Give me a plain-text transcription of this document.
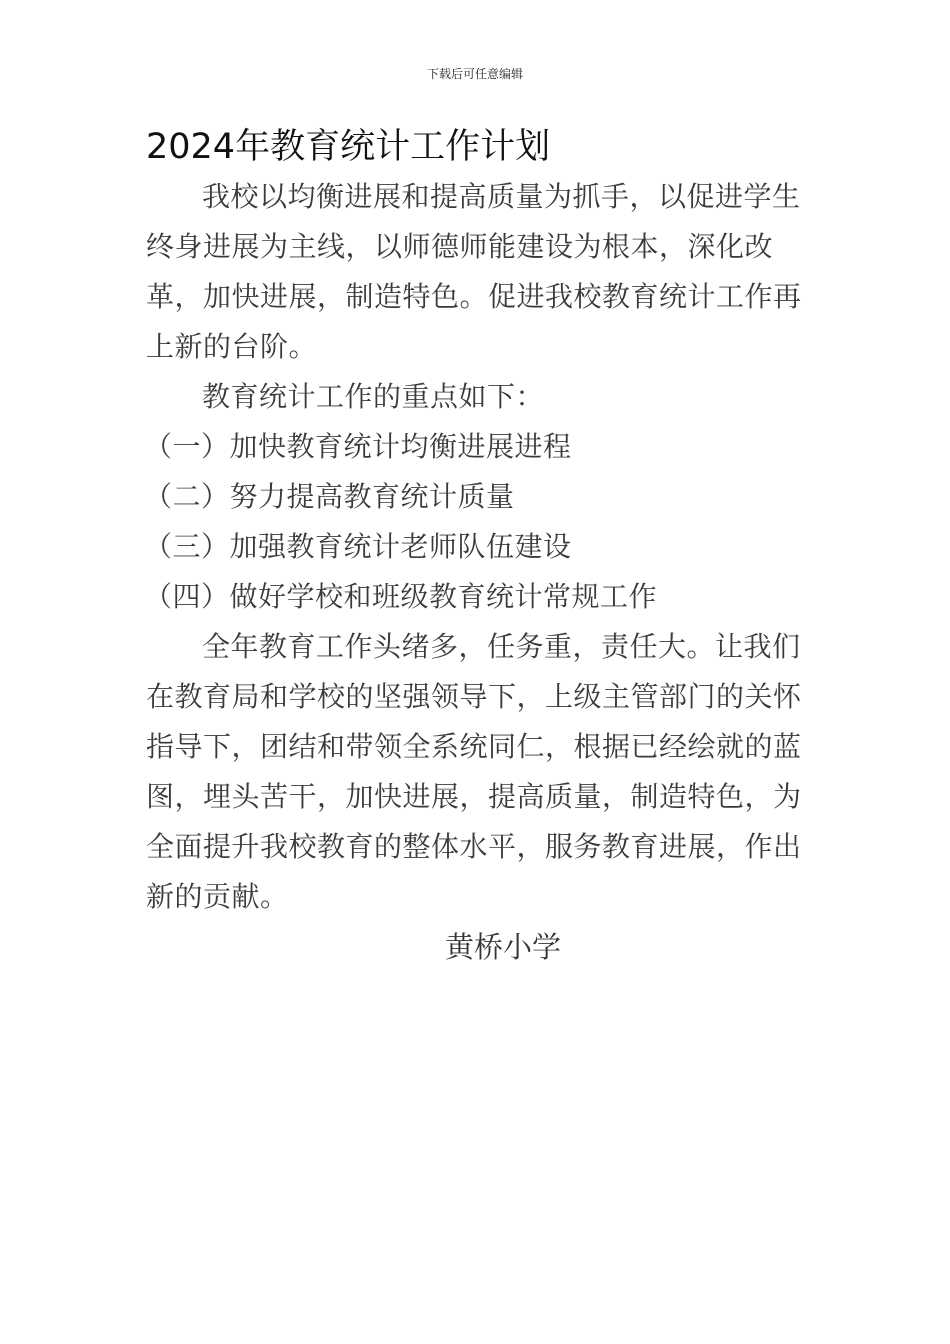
下载后可任意编辑
2024年教育统计工作计划

我校以均衡进展和提高质量为抓手，以促进学生终身进展为主线，以师德师能建设为根本，深化改革，加快进展，制造特色。促进我校教育统计工作再上新的台阶。

教育统计工作的重点如下：

（一）加快教育统计均衡进展进程
（二）努力提高教育统计质量
（三）加强教育统计老师队伍建设
（四）做好学校和班级教育统计常规工作

全年教育工作头绪多，任务重，责任大。让我们在教育局和学校的坚强领导下，上级主管部门的关怀指导下，团结和带领全系统同仁，根据已经绘就的蓝图，埋头苦干，加快进展，提高质量，制造特色，为全面提升我校教育的整体水平，服务教育进展，作出新的贡献。

黄桥小学
